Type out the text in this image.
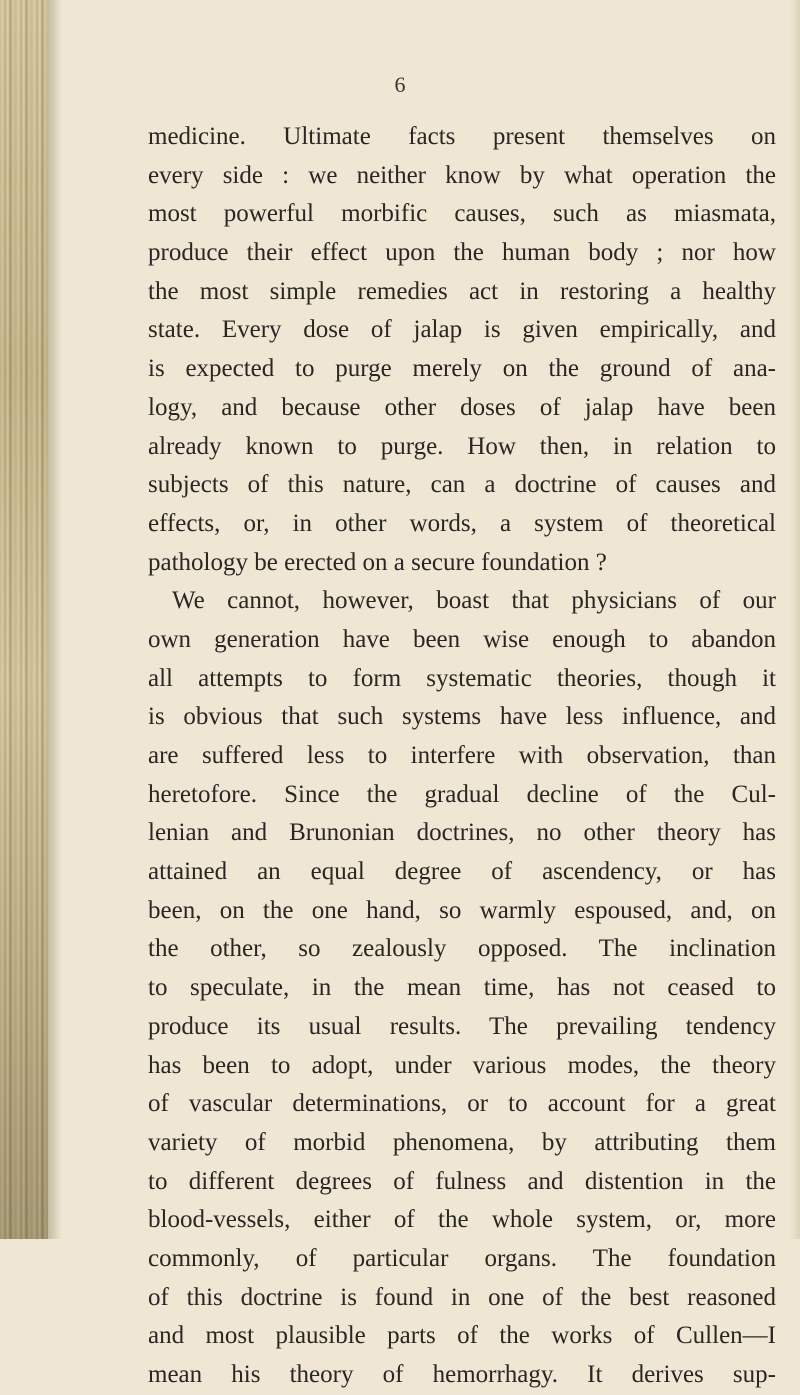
6

medicine. Ultimate facts present themselves on
every side : we neither know by what operation the
most powerful morbific causes, such as miasmata,
produce their effect upon the human body ; nor how
the most simple remedies act in restoring a healthy
state. Every dose of jalap is given empirically, and
is expected to purge merely on the ground of ana-
logy, and because other doses of jalap have been
already known to purge. How then, in relation to
subjects of this nature, can a doctrine of causes and
effects, or, in other words, a system of theoretical
pathology be erected on a secure foundation ?
We cannot, however, boast that physicians of our
own generation have been wise enough to abandon
all attempts to form systematic theories, though it
is obvious that such systems have less influence, and
are suffered less to interfere with observation, than
heretofore. Since the gradual decline of the Cul-
lenian and Brunonian doctrines, no other theory has
attained an equal degree of ascendency, or has
been, on the one hand, so warmly espoused, and, on
the other, so zealously opposed. The inclination
to speculate, in the mean time, has not ceased to
produce its usual results. The prevailing tendency
has been to adopt, under various modes, the theory
of vascular determinations, or to account for a great
variety of morbid phenomena, by attributing them
to different degrees of fulness and distention in the
blood-vessels, either of the whole system, or, more
commonly, of particular organs. The foundation
of this doctrine is found in one of the best reasoned
and most plausible parts of the works of Cullen—I
mean his theory of hemorrhagy. It derives sup-
